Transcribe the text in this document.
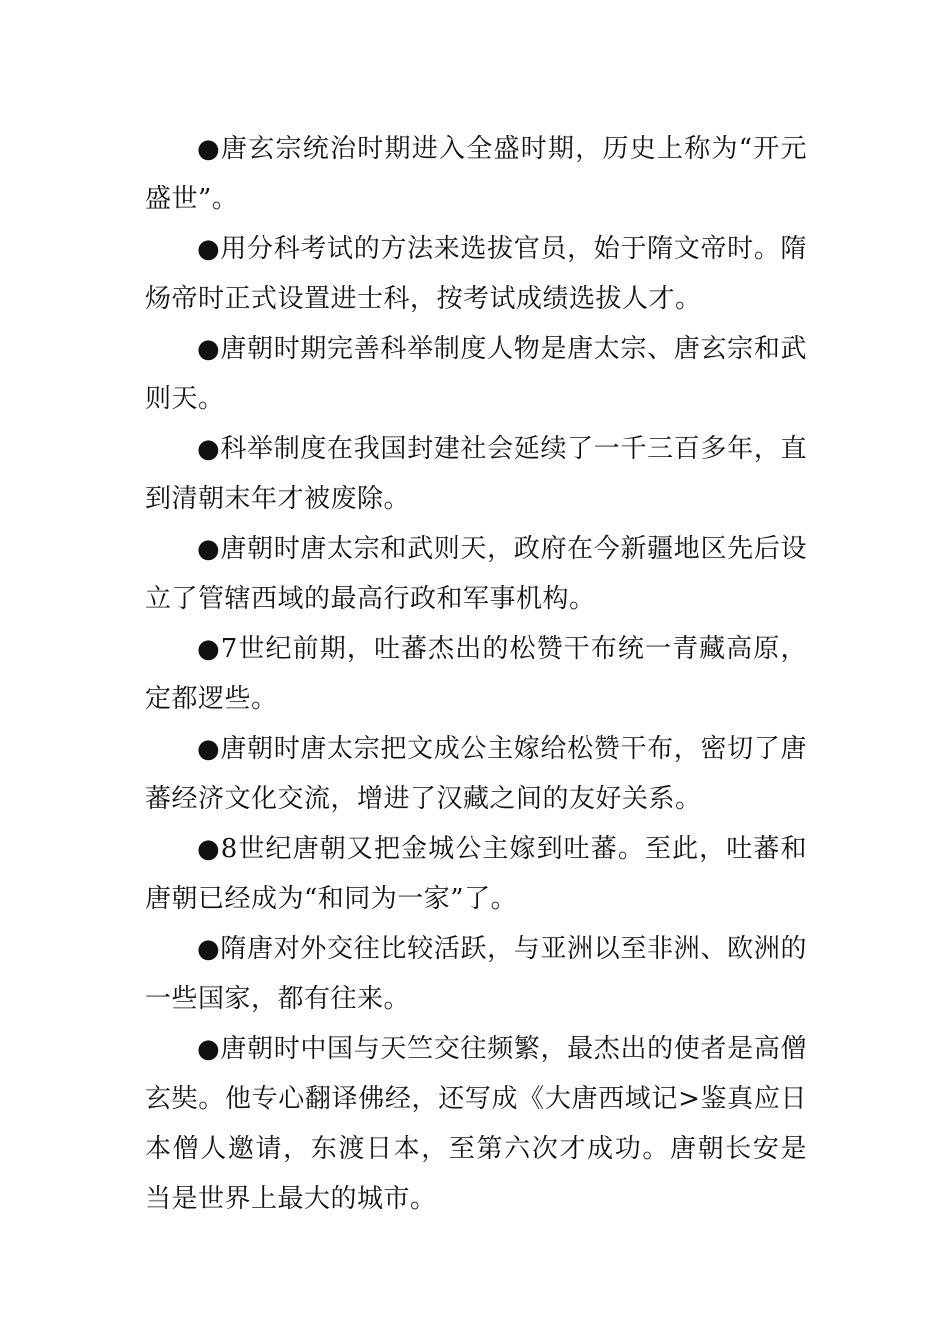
●唐玄宗统治时期进入全盛时期，历史上称为“开元盛世”。

●用分科考试的方法来选拔官员，始于隋文帝时。隋炀帝时正式设置进士科，按考试成绩选拔人才。

●唐朝时期完善科举制度人物是唐太宗、唐玄宗和武则天。

●科举制度在我国封建社会延续了一千三百多年，直到清朝末年才被废除。

●唐朝时唐太宗和武则天，政府在今新疆地区先后设立了管辖西域的最高行政和军事机构。

●7世纪前期，吐蕃杰出的松赞干布统一青藏高原，定都逻些。

●唐朝时唐太宗把文成公主嫁给松赞干布，密切了唐蕃经济文化交流，增进了汉藏之间的友好关系。

●8世纪唐朝又把金城公主嫁到吐蕃。至此，吐蕃和唐朝已经成为“和同为一家”了。

●隋唐对外交往比较活跃，与亚洲以至非洲、欧洲的一些国家，都有往来。

●唐朝时中国与天竺交往频繁，最杰出的使者是高僧玄奘。他专心翻译佛经，还写成《大唐西域记>鉴真应日本僧人邀请，东渡日本，至第六次才成功。唐朝长安是当是世界上最大的城市。
